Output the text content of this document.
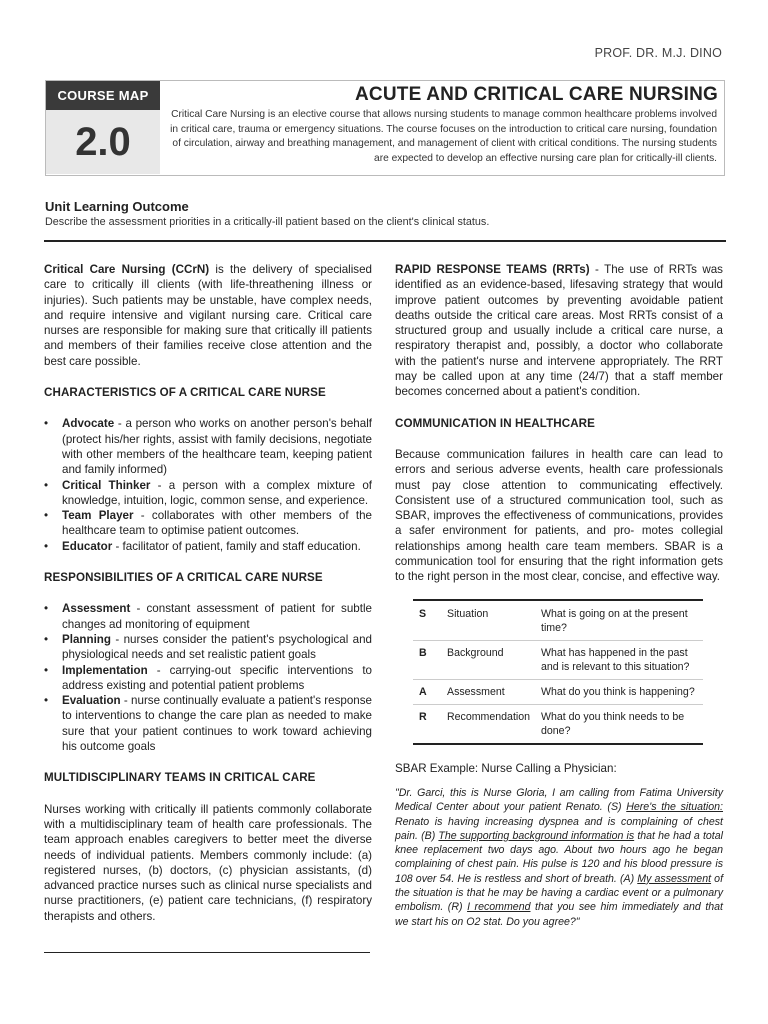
PROF. DR. M.J. DINO
COURSE MAP
2.0
ACUTE AND CRITICAL CARE NURSING
Critical Care Nursing is an elective course that allows nursing students to manage common healthcare problems involved in critical care, trauma or emergency situations. The course focuses on the introduction to critical care nursing, foundation of circulation, airway and breathing management, and management of client with critical conditions. The nursing students are expected to develop an effective nursing care plan for critically-ill clients.
Unit Learning Outcome
Describe the assessment priorities in a critically-ill patient based on the client's clinical status.

Critical Care Nursing (CCrN) is the delivery of specialised care to critically ill clients (with life-threathening illness or injuries). Such patients may be unstable, have complex needs, and require intensive and vigilant nursing care. Critical care nurses are responsible for making sure that critically ill patients and members of their families receive close attention and the best care possible.

CHARACTERISTICS OF A CRITICAL CARE NURSE
• Advocate - a person who works on another person's behalf (protect his/her rights, assist with family decisions, negotiate with other members of the healthcare team, keeping patient and family informed)
• Critical Thinker - a person with a complex mixture of knowledge, intuition, logic, common sense, and experience.
• Team Player - collaborates with other members of the healthcare team to optimise patient outcomes.
• Educator - facilitator of patient, family and staff education.
RESPONSIBILITIES OF A CRITICAL CARE NURSE
• Assessment - constant assessment of patient for subtle changes ad monitoring of equipment
• Planning - nurses consider the patient's psychological and physiological needs and set realistic patient goals
• Implementation - carrying-out specific interventions to address existing and potential patient problems
• Evaluation - nurse continually evaluate a patient's response to interventions to change the care plan as needed to make sure that your patient continues to work toward achieving his outcome goals
MULTIDISCIPLINARY TEAMS IN CRITICAL CARE

Nurses working with critically ill patients commonly collaborate with a multidisciplinary team of health care professionals. The team approach enables caregivers to better meet the diverse needs of individual patients. Members commonly include: (a) registered nurses, (b) doctors, (c) physician assistants, (d) advanced practice nurses such as clinical nurse specialists and nurse practitioners, (e) patient care technicians, (f) respiratory therapists and others.

RAPID RESPONSE TEAMS (RRTs) - The use of RRTs was identified as an evidence-based, lifesaving strategy that would improve patient outcomes by preventing avoidable patient deaths outside the critical care areas. Most RRTs consist of a structured group and usually include a critical care nurse, a respiratory therapist and, possibly, a doctor who collaborate with the patient's nurse and intervene appropriately. The RRT may be called upon at any time (24/7) that a staff member becomes concerned about a patient's condition.

COMMUNICATION IN HEALTHCARE

Because communication failures in health care can lead to errors and serious adverse events, health care professionals must pay close attention to communicating effectively. Consistent use of a structured communication tool, such as SBAR, improves the effectiveness of communications, provides a safer environment for patients, and pro- motes collegial relationships among health care team members. SBAR is a communication tool for ensuring that the right information gets to the right person in the most clear, concise, and effective way.

S	Situation	What is going on at the present time?
B	Background	What has happened in the past and is relevant to this situation?
A	Assessment	What do you think is happening?
R	Recommendation	What do you think needs to be done?
SBAR Example: Nurse Calling a Physician:

"Dr. Garci, this is Nurse Gloria, I am calling from Fatima University Medical Center about your patient Renato. (S) Here's the situation: Renato is having increasing dyspnea and is complaining of chest pain. (B) The supporting background information is that he had a total knee replacement two days ago. About two hours ago he began complaining of chest pain. His pulse is 120 and his blood pressure is 108 over 54. He is restless and short of breath. (A) My assessment of the situation is that he may be having a cardiac event or a pulmonary embolism. (R) I recommend that you see him immediately and that we start his on O2 stat. Do you agree?"
